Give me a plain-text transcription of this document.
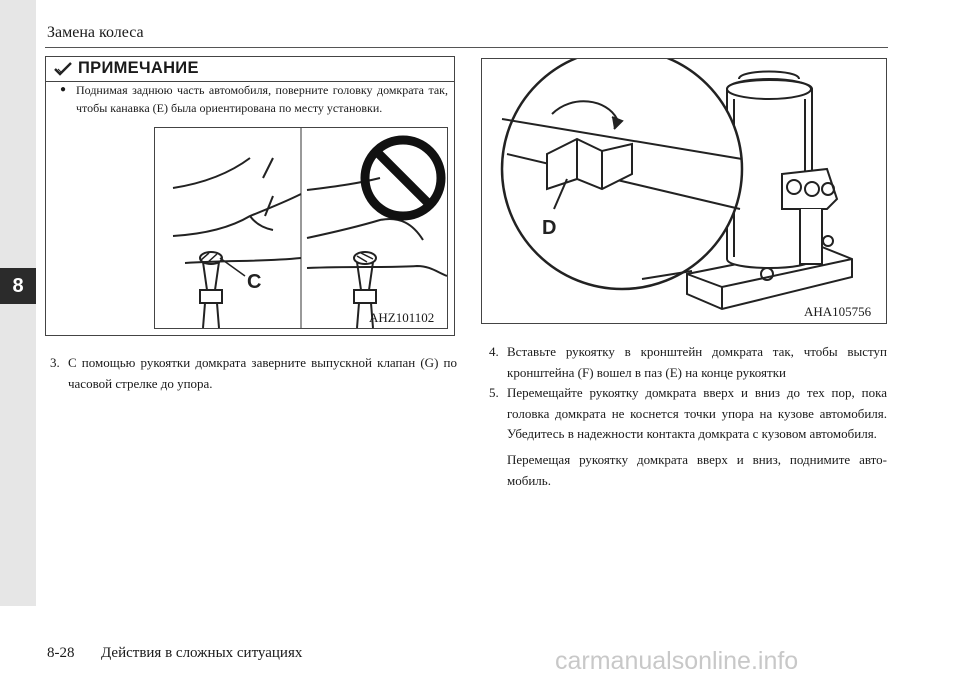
8
Замена колеса
ПРИМЕЧАНИЕ
● Поднимая заднюю часть автомобиля, поверните головку домкрата так, чтобы канавка (E) была ориентирована по месту установки.
C
AHZ101102
D
AHA105756
3. С помощью рукоятки домкрата заверните выпускной клапан (G) по часовой стрелке до упора.
4. Вставьте рукоятку в кронштейн домкрата так, чтобы выступ кронштейна (F) вошел в паз (E) на конце рукоятки
5. Перемещайте рукоятку домкрата вверх и вниз до тех пор, пока головка домкрата не коснется точки упора на кузове автомобиля. Убедитесь в надежности контакта домкрата с кузовом автомобиля.
Перемещая рукоятку домкрата вверх и вниз, поднимите авто-мобиль.
8-28 Действия в сложных ситуациях	carmanualsonline.info
